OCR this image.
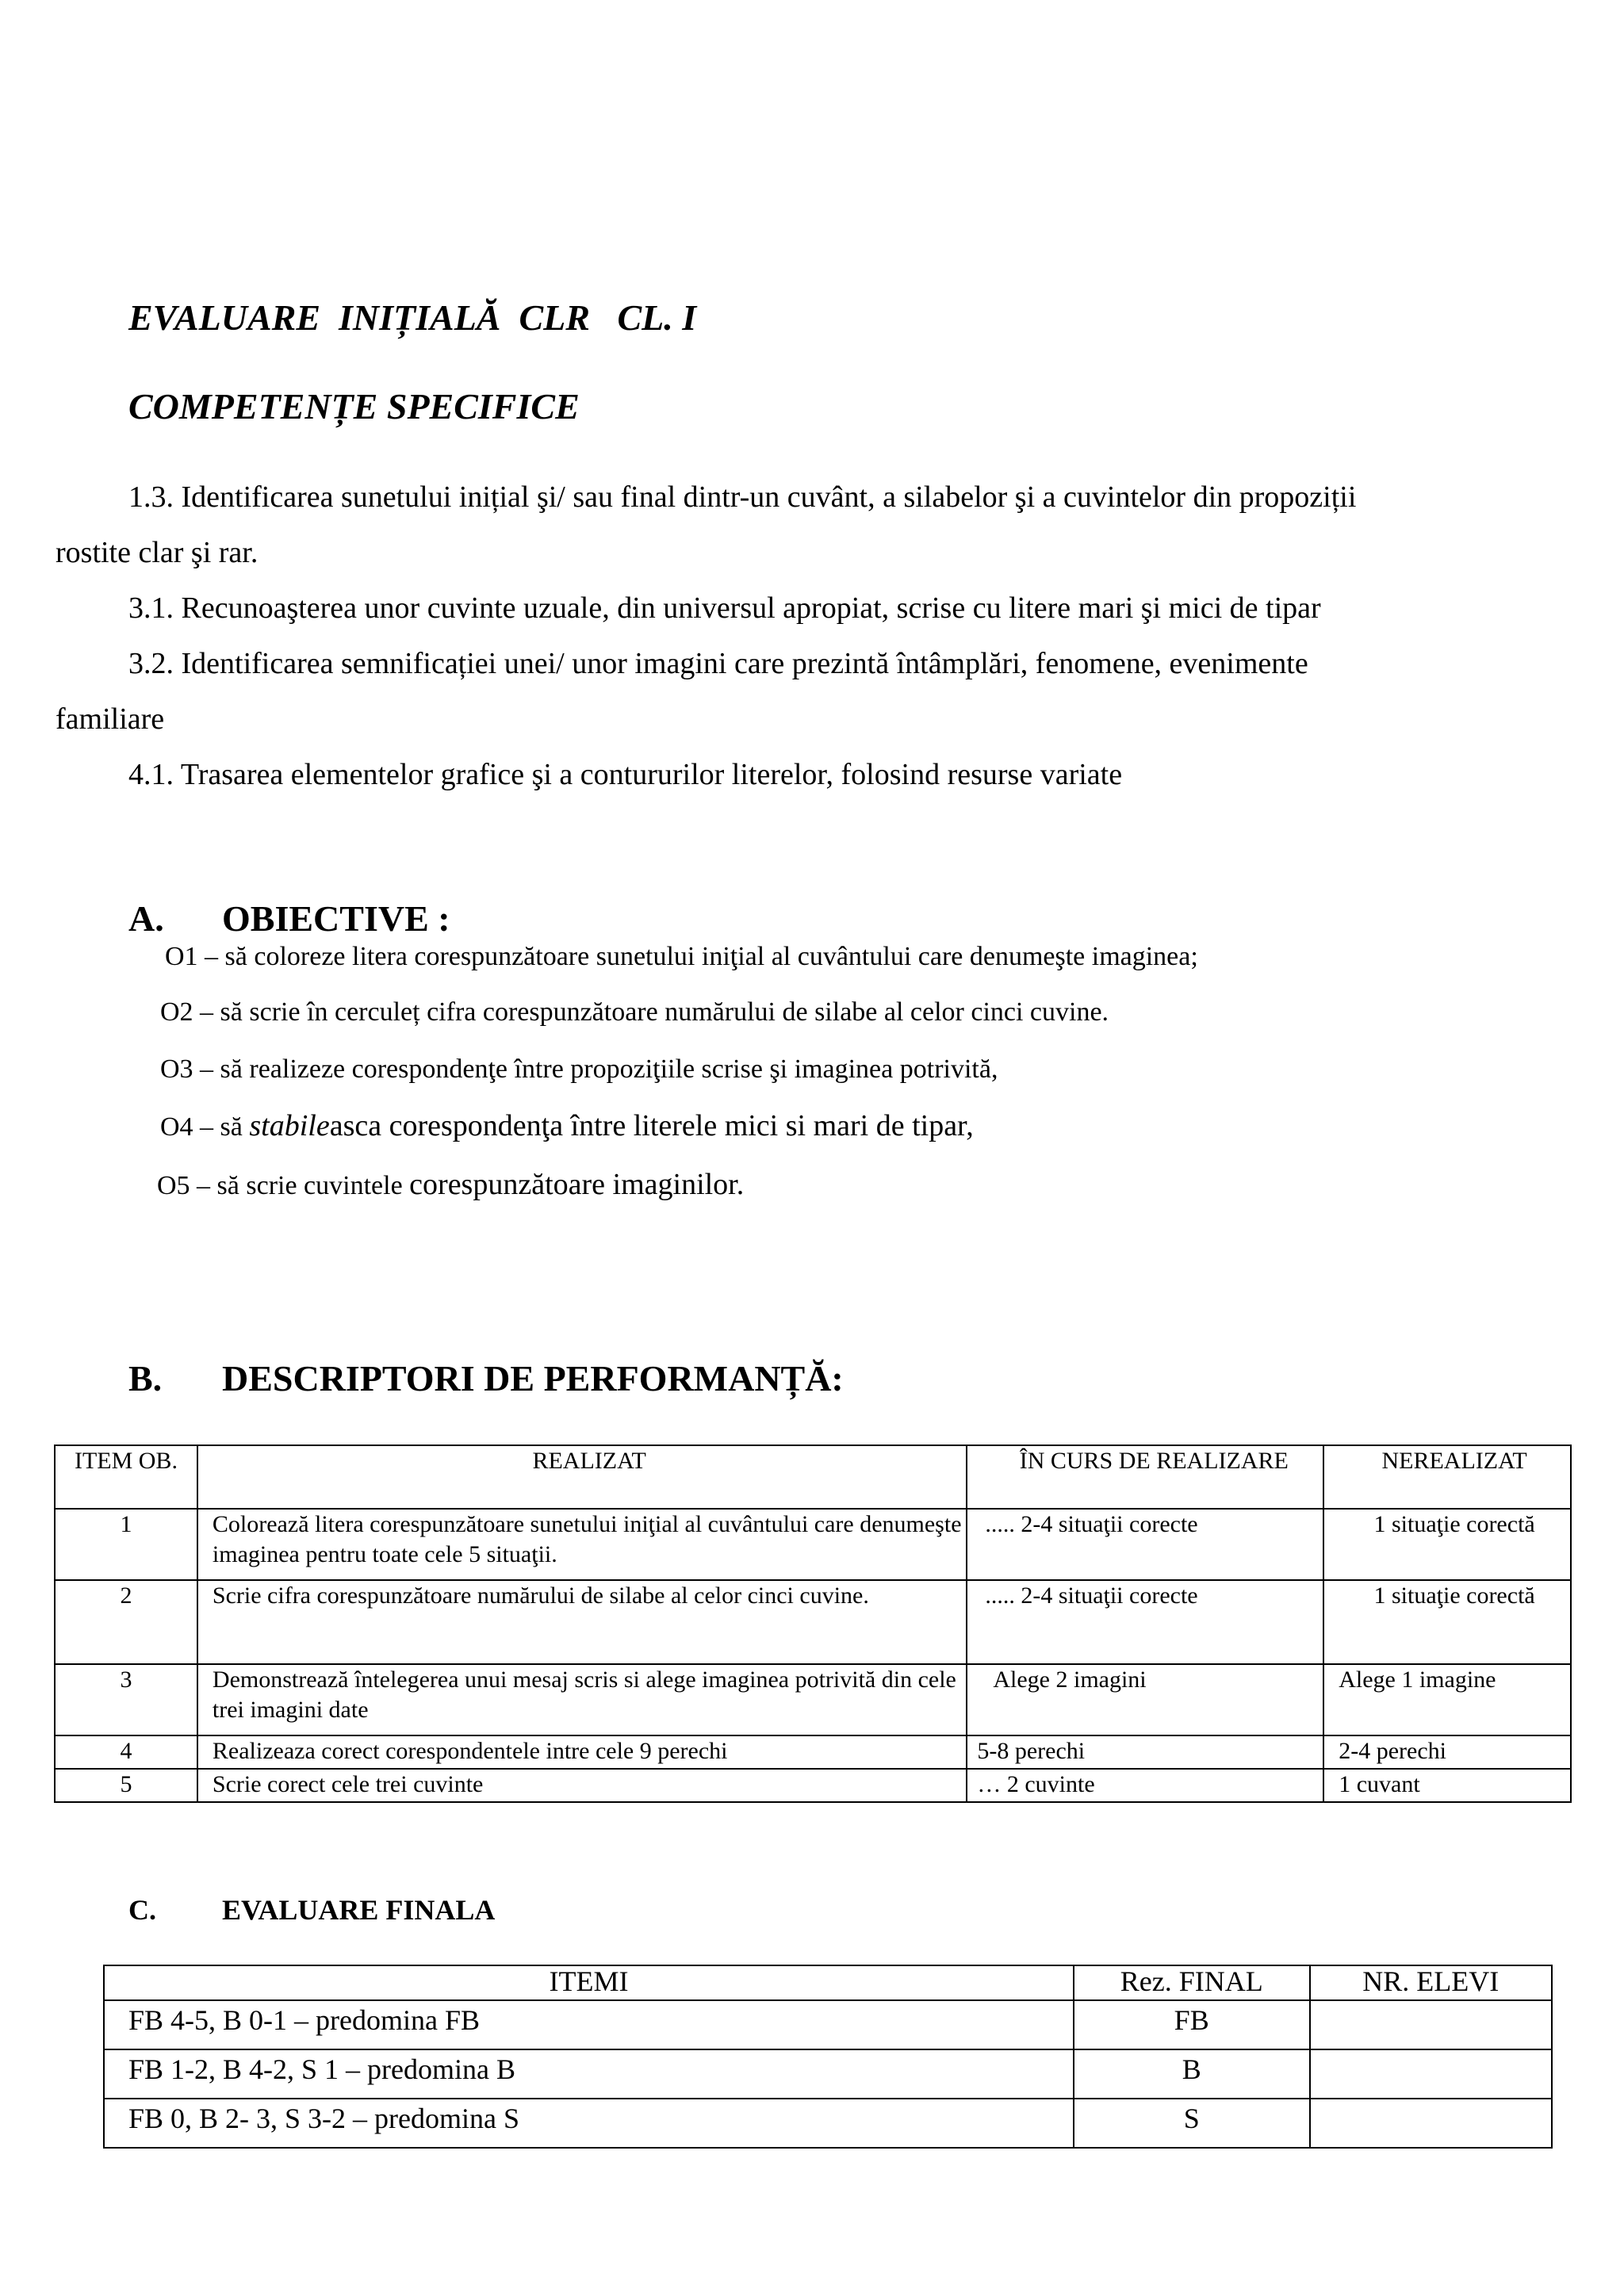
EVALUARE  INIȚIALĂ  CLR   CL. I
COMPETENȚE SPECIFICE
1.3. Identificarea sunetului inițial şi/ sau final dintr-un cuvânt, a silabelor şi a cuvintelor din propoziții
rostite clar şi rar.
3.1. Recunoaşterea unor cuvinte uzuale, din universul apropiat, scrise cu litere mari şi mici de tipar
3.2. Identificarea semnificației unei/ unor imagini care prezintă întâmplări, fenomene, evenimente
familiare
4.1. Trasarea elementelor grafice şi a contururilor literelor, folosind resurse variate
A. OBIECTIVE :
O1 – să coloreze litera corespunzătoare sunetului iniţial al cuvântului care denumeşte imaginea;
O2 – să scrie în cerculeț cifra corespunzătoare numărului de silabe al celor cinci cuvine.
O3 – să realizeze corespondenţe între propoziţiile scrise şi imaginea potrivită,
O4 – să stabileasca corespondenţa între literele mici si mari de tipar,
O5 – să scrie cuvintele corespunzătoare imaginilor.
B. DESCRIPTORI DE PERFORMANȚĂ:
ITEM OB.	REALIZAT	ÎN CURS DE REALIZARE	NEREALIZAT
1	Colorează litera corespunzătoare sunetului iniţial al cuvântului care denumeşte imaginea pentru toate cele 5 situaţii.	..... 2-4 situaţii corecte	1 situaţie corectă
2	Scrie cifra corespunzătoare numărului de silabe al celor cinci cuvine.	..... 2-4 situaţii corecte	1 situaţie corectă
3	Demonstrează întelegerea unui mesaj scris si alege imaginea potrivită din cele trei imagini date	Alege 2 imagini	Alege 1 imagine
4	Realizeaza corect corespondentele intre cele 9 perechi	5-8 perechi	2-4 perechi
5	Scrie corect cele trei cuvinte	… 2 cuvinte	1 cuvant
C. EVALUARE FINALA
ITEMI	Rez. FINAL	NR. ELEVI
FB 4-5, B 0-1 – predomina FB	FB	
FB 1-2, B 4-2, S 1 – predomina B	B	
FB 0, B 2- 3, S 3-2 – predomina S	S	
